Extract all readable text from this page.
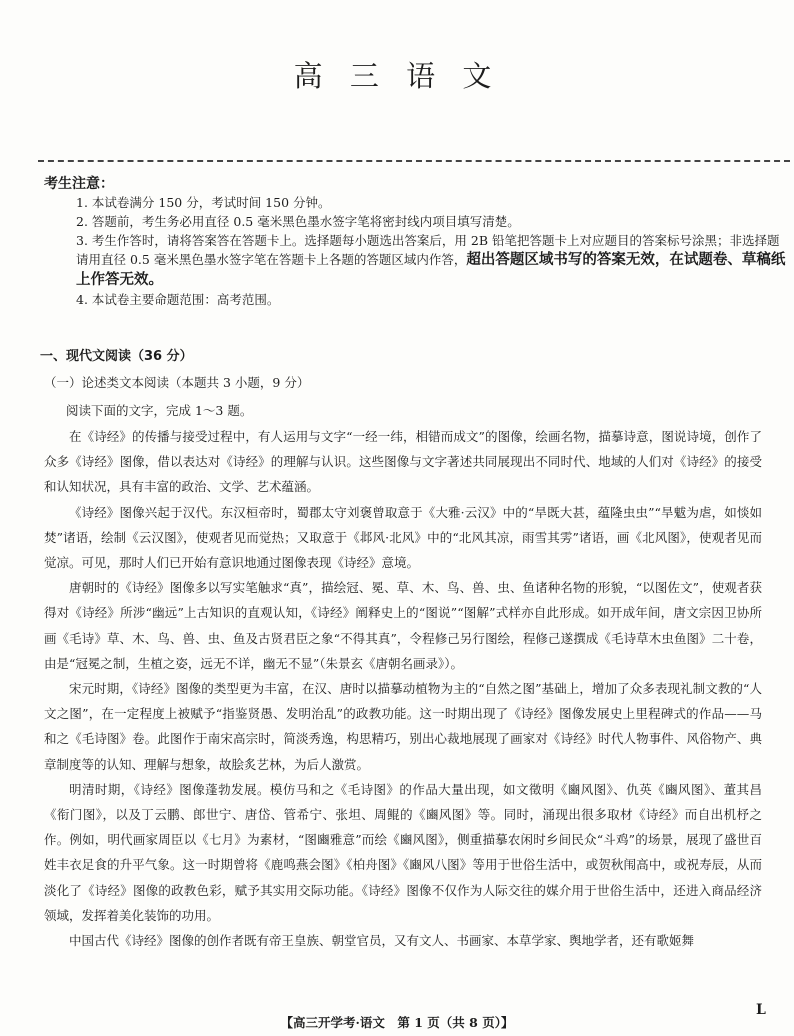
高 三 语 文
考生注意：

1. 本试卷满分 150 分，考试时间 150 分钟。

2. 答题前，考生务必用直径 0.5 毫米黑色墨水签字笔将密封线内项目填写清楚。

3. 考生作答时，请将答案答在答题卡上。选择题每小题选出答案后，用 2B 铅笔把答题卡上对应题目的答案标号涂黑；非选择题请用直径 0.5 毫米黑色墨水签字笔在答题卡上各题的答题区域内作答，超出答题区域书写的答案无效，在试题卷、草稿纸上作答无效。

4. 本试卷主要命题范围：高考范围。

一、现代文阅读（36 分）
（一）论述类文本阅读（本题共 3 小题，9 分）
阅读下面的文字，完成 1～3 题。

在《诗经》的传播与接受过程中，有人运用与文字“一经一纬，相错而成文”的图像，绘画名物，描摹诗意，图说诗境，创作了众多《诗经》图像，借以表达对《诗经》的理解与认识。这些图像与文字著述共同展现出不同时代、地域的人们对《诗经》的接受和认知状况，具有丰富的政治、文学、艺术蕴涵。

《诗经》图像兴起于汉代。东汉桓帝时，蜀郡太守刘褒曾取意于《大雅·云汉》中的“旱既大甚，蕴隆虫虫”“旱魃为虐，如惔如焚”诸语，绘制《云汉图》，使观者见而觉热；又取意于《邶风·北风》中的“北风其凉，雨雪其雱”诸语，画《北风图》，使观者见而觉凉。可见，那时人们已开始有意识地通过图像表现《诗经》意境。

唐朝时的《诗经》图像多以写实笔触求“真”，描绘冠、冕、草、木、鸟、兽、虫、鱼诸种名物的形貌，“以图佐文”，使观者获得对《诗经》所涉“幽远”上古知识的直观认知，《诗经》阐释史上的“图说”“图解”式样亦自此形成。如开成年间，唐文宗因卫协所画《毛诗》草、木、鸟、兽、虫、鱼及古贤君臣之象“不得其真”，令程修己另行图绘，程修己遂撰成《毛诗草木虫鱼图》二十卷，由是“冠冕之制，生植之姿，远无不详，幽无不显”（朱景玄《唐朝名画录》）。

宋元时期，《诗经》图像的类型更为丰富，在汉、唐时以描摹动植物为主的“自然之图”基础上，增加了众多表现礼制文教的“人文之图”，在一定程度上被赋予“指鉴贤愚、发明治乱”的政教功能。这一时期出现了《诗经》图像发展史上里程碑式的作品——马和之《毛诗图》卷。此图作于南宋高宗时，简淡秀逸，构思精巧，别出心裁地展现了画家对《诗经》时代人物事件、风俗物产、典章制度等的认知、理解与想象，故脍炙艺林，为后人激赏。

明清时期，《诗经》图像蓬勃发展。模仿马和之《毛诗图》的作品大量出现，如文徵明《豳风图》、仇英《豳风图》、董其昌《衔门图》，以及丁云鹏、郎世宁、唐岱、管希宁、张坦、周鲲的《豳风图》等。同时，涌现出很多取材《诗经》而自出机杼之作。例如，明代画家周臣以《七月》为素材，“图豳雅意”而绘《豳风图》，侧重描摹农闲时乡间民众“斗鸡”的场景，展现了盛世百姓丰衣足食的升平气象。这一时期曾将《鹿鸣燕会图》《柏舟图》《豳风八图》等用于世俗生活中，或贺秋闱高中，或祝寿辰，从而淡化了《诗经》图像的政教色彩，赋予其实用交际功能。《诗经》图像不仅作为人际交往的媒介用于世俗生活中，还进入商品经济领域，发挥着美化装饰的功用。

中国古代《诗经》图像的创作者既有帝王皇族、朝堂官员，又有文人、书画家、本草学家、舆地学者，还有歌姬舞

【高三开学考·语文　第 1 页（共 8 页）】
L
